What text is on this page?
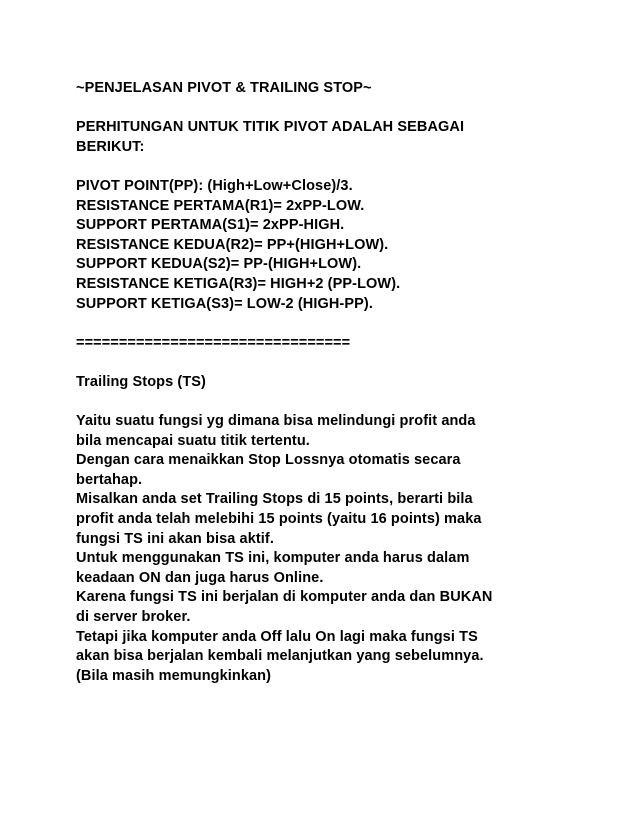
~PENJELASAN PIVOT & TRAILING STOP~
PERHITUNGAN UNTUK TITIK PIVOT ADALAH SEBAGAI
BERIKUT:
PIVOT POINT(PP): (High+Low+Close)/3.
RESISTANCE PERTAMA(R1)= 2xPP-LOW.
SUPPORT PERTAMA(S1)= 2xPP-HIGH.
RESISTANCE KEDUA(R2)= PP+(HIGH+LOW).
SUPPORT KEDUA(S2)= PP-(HIGH+LOW).
RESISTANCE KETIGA(R3)= HIGH+2 (PP-LOW).
SUPPORT KETIGA(S3)= LOW-2 (HIGH-PP).
================================
Trailing Stops (TS)
Yaitu suatu fungsi yg dimana bisa melindungi profit anda
bila mencapai suatu titik tertentu.
Dengan cara menaikkan Stop Lossnya otomatis secara
bertahap.
Misalkan anda set Trailing Stops di 15 points, berarti bila
profit anda telah melebihi 15 points (yaitu 16 points) maka
fungsi TS ini akan bisa aktif.
Untuk menggunakan TS ini, komputer anda harus dalam
keadaan ON dan juga harus Online.
Karena fungsi TS ini berjalan di komputer anda dan BUKAN
di server broker.
Tetapi jika komputer anda Off lalu On lagi maka fungsi TS
akan bisa berjalan kembali melanjutkan yang sebelumnya.
(Bila masih memungkinkan)
